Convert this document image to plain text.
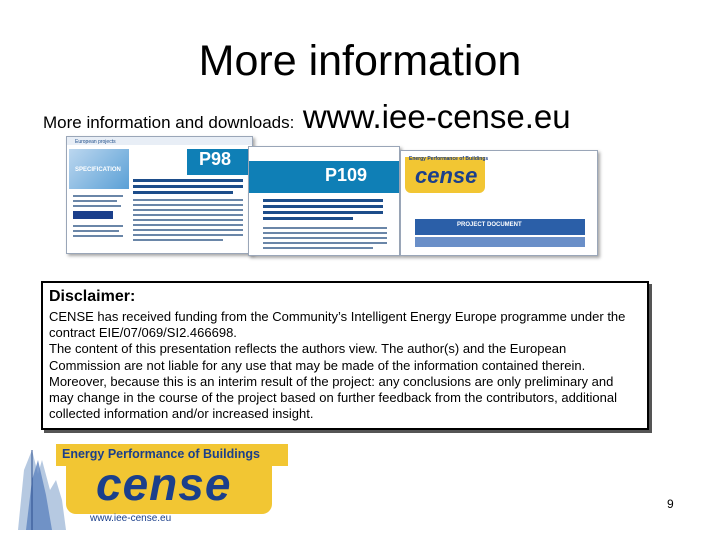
More information
More information and downloads: www.iee-cense.eu
European projects
SPECIFICATION
P98
P109
Energy Performance of Buildings
cense
PROJECT DOCUMENT
Disclaimer:
CENSE has received funding from the Community’s Intelligent Energy Europe programme under the contract EIE/07/069/SI2.466698.
The content of this presentation reflects the authors view. The author(s) and the European Commission are not liable for any use that may be made of the information contained therein. Moreover, because this is an interim result of the project: any conclusions are only preliminary and may change in the course of the project based on further feedback from the contributors, additional collected information and/or increased insight.
Energy Performance of Buildings
cense
www.iee-cense.eu
9
